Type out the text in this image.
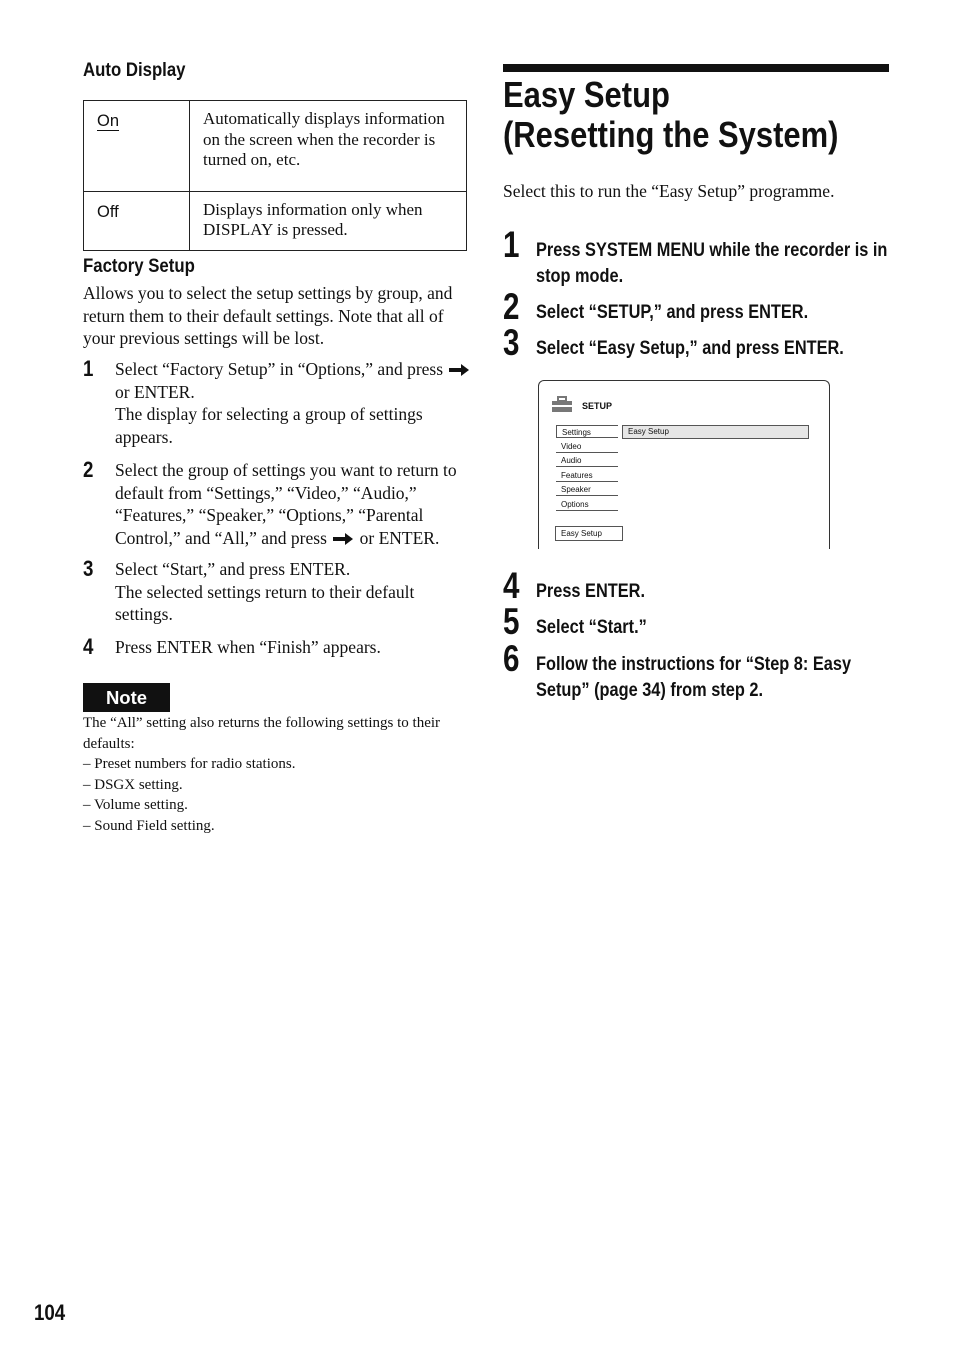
Auto Display
On	Automatically displays information on the screen when the recorder is turned on, etc.
Off	Displays information only when DISPLAY is pressed.
Factory Setup
Allows you to select the setup settings by group, and return them to their default settings. Note that all of your previous settings will be lost.
1 Select “Factory Setup” in “Options,” and press  or ENTER.
The display for selecting a group of settings appears.
2 Select the group of settings you want to return to default from “Settings,” “Video,” “Audio,” “Features,” “Speaker,” “Options,” “Parental Control,” and “All,” and press or ENTER.
3 Select “Start,” and press ENTER.
The selected settings return to their default settings.
4 Press ENTER when “Finish” appears.
Note
The “All” setting also returns the following settings to their defaults:
– Preset numbers for radio stations.
– DSGX setting.
– Volume setting.
– Sound Field setting.
Easy Setup
(Resetting the System)
Select this to run the “Easy Setup” programme.
1 Press SYSTEM MENU while the recorder is in stop mode.
2 Select “SETUP,” and press ENTER.
3 Select “Easy Setup,” and press ENTER.
SETUP
Settings
Video
Audio
Features
Speaker
Options
Easy Setup
Easy Setup
4 Press ENTER.
5 Select “Start.”
6 Follow the instructions for “Step 8: Easy Setup” (page 34) from step 2.
104
